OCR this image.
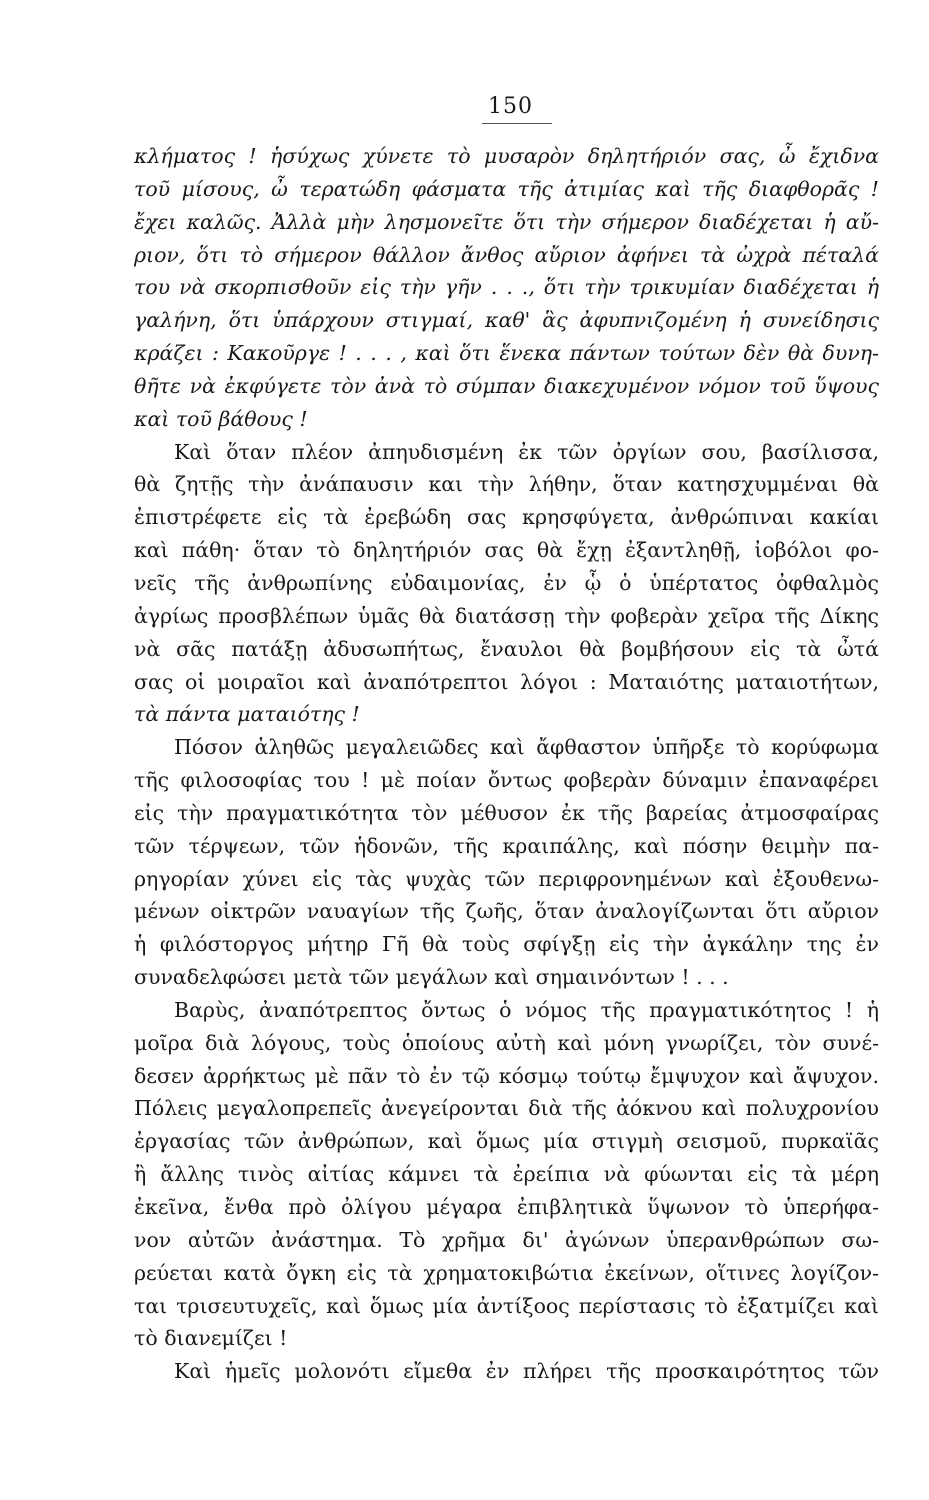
150
κλήματος ! ἡσύχως χύνετε τὸ μυσαρὸν δηλητήριόν σας, ὦ ἔχιδνα
τοῦ μίσους, ὦ τερατώδη φάσματα τῆς ἀτιμίας καὶ τῆς διαφθορᾶς !
ἔχει καλῶς. Ἀλλὰ μὴν λησμονεῖτε ὅτι τὴν σήμερον διαδέχεται ἡ αὔ-
ριον, ὅτι τὸ σήμερον θάλλον ἄνθος αὔριον ἀφήνει τὰ ὠχρὰ πέταλά
του νὰ σκορπισθοῦν εἰς τὴν γῆν . . ., ὅτι τὴν τρικυμίαν διαδέχεται ἡ
γαλήνη, ὅτι ὑπάρχουν στιγμαί, καθ' ἃς ἀφυπνιζομένη ἡ συνείδησις
κράζει : Κακοῦργε ! . . . , καὶ ὅτι ἕνεκα πάντων τούτων δὲν θὰ δυνη-
θῆτε νὰ ἐκφύγετε τὸν ἀνὰ τὸ σύμπαν διακεχυμένον νόμον τοῦ ὕψους
καὶ τοῦ βάθους !
Καὶ ὅταν πλέον ἀπηυδισμένη ἐκ τῶν ὀργίων σου, βασίλισσα,
θὰ ζητῇς τὴν ἀνάπαυσιν και τὴν λήθην, ὅταν κατησχυμμέναι θὰ
ἐπιστρέφετε εἰς τὰ ἐρεβώδη σας κρησφύγετα, ἀνθρώπιναι κακίαι
καὶ πάθη· ὅταν τὸ δηλητήριόν σας θὰ ἔχῃ ἐξαντληθῇ, ἰοβόλοι φο-
νεῖς τῆς ἀνθρωπίνης εὐδαιμονίας, ἐν ᾧ ὁ ὑπέρτατος ὀφθαλμὸς
ἀγρίως προσβλέπων ὑμᾶς θὰ διατάσσῃ τὴν φοβερὰν χεῖρα τῆς Δίκης
νὰ σᾶς πατάξῃ ἀδυσωπήτως, ἔναυλοι θὰ βομβήσουν εἰς τὰ ὦτά
σας οἱ μοιραῖοι καὶ ἀναπότρεπτοι λόγοι : Ματαιότης ματαιοτήτων,
τὰ πάντα ματαιότης !
Πόσον ἀληθῶς μεγαλειῶδες καὶ ἄφθαστον ὑπῆρξε τὸ κορύφωμα
τῆς φιλοσοφίας του ! μὲ ποίαν ὄντως φοβερὰν δύναμιν ἐπαναφέρει
εἰς τὴν πραγματικότητα τὸν μέθυσον ἐκ τῆς βαρείας ἀτμοσφαίρας
τῶν τέρψεων, τῶν ἡδονῶν, τῆς κραιπάλης, καὶ πόσην θειμὴν πα-
ρηγορίαν χύνει εἰς τὰς ψυχὰς τῶν περιφρονημένων καὶ ἐξουθενω-
μένων οἰκτρῶν ναυαγίων τῆς ζωῆς, ὅταν ἀναλογίζωνται ὅτι αὔριον
ἡ φιλόστοργος μήτηρ Γῆ θὰ τοὺς σφίγξῃ εἰς τὴν ἀγκάλην της ἐν
συναδελφώσει μετὰ τῶν μεγάλων καὶ σημαινόντων ! . . .
Βαρὺς, ἀναπότρεπτος ὄντως ὁ νόμος τῆς πραγματικότητος ! ἡ
μοῖρα διὰ λόγους, τοὺς ὁποίους αὐτὴ καὶ μόνη γνωρίζει, τὸν συνέ-
δεσεν ἀρρήκτως μὲ πᾶν τὸ ἐν τῷ κόσμῳ τούτῳ ἔμψυχον καὶ ἄψυχον.
Πόλεις μεγαλοπρεπεῖς ἀνεγείρονται διὰ τῆς ἀόκνου καὶ πολυχρονίου
ἐργασίας τῶν ἀνθρώπων, καὶ ὅμως μία στιγμὴ σεισμοῦ, πυρκαϊᾶς
ἢ ἄλλης τινὸς αἰτίας κάμνει τὰ ἐρείπια νὰ φύωνται εἰς τὰ μέρη
ἐκεῖνα, ἔνθα πρὸ ὀλίγου μέγαρα ἐπιβλητικὰ ὕψωνον τὸ ὑπερήφα-
νον αὐτῶν ἀνάστημα. Τὸ χρῆμα δι' ἀγώνων ὑπερανθρώπων σω-
ρεύεται κατὰ ὄγκη εἰς τὰ χρηματοκιβώτια ἐκείνων, οἵτινες λογίζον-
ται τρισευτυχεῖς, καὶ ὅμως μία ἀντίξοος περίστασις τὸ ἐξατμίζει καὶ
τὸ διανεμίζει !
Καὶ ἡμεῖς μολονότι εἴμεθα ἐν πλήρει τῆς προσκαιρότητος τῶν
